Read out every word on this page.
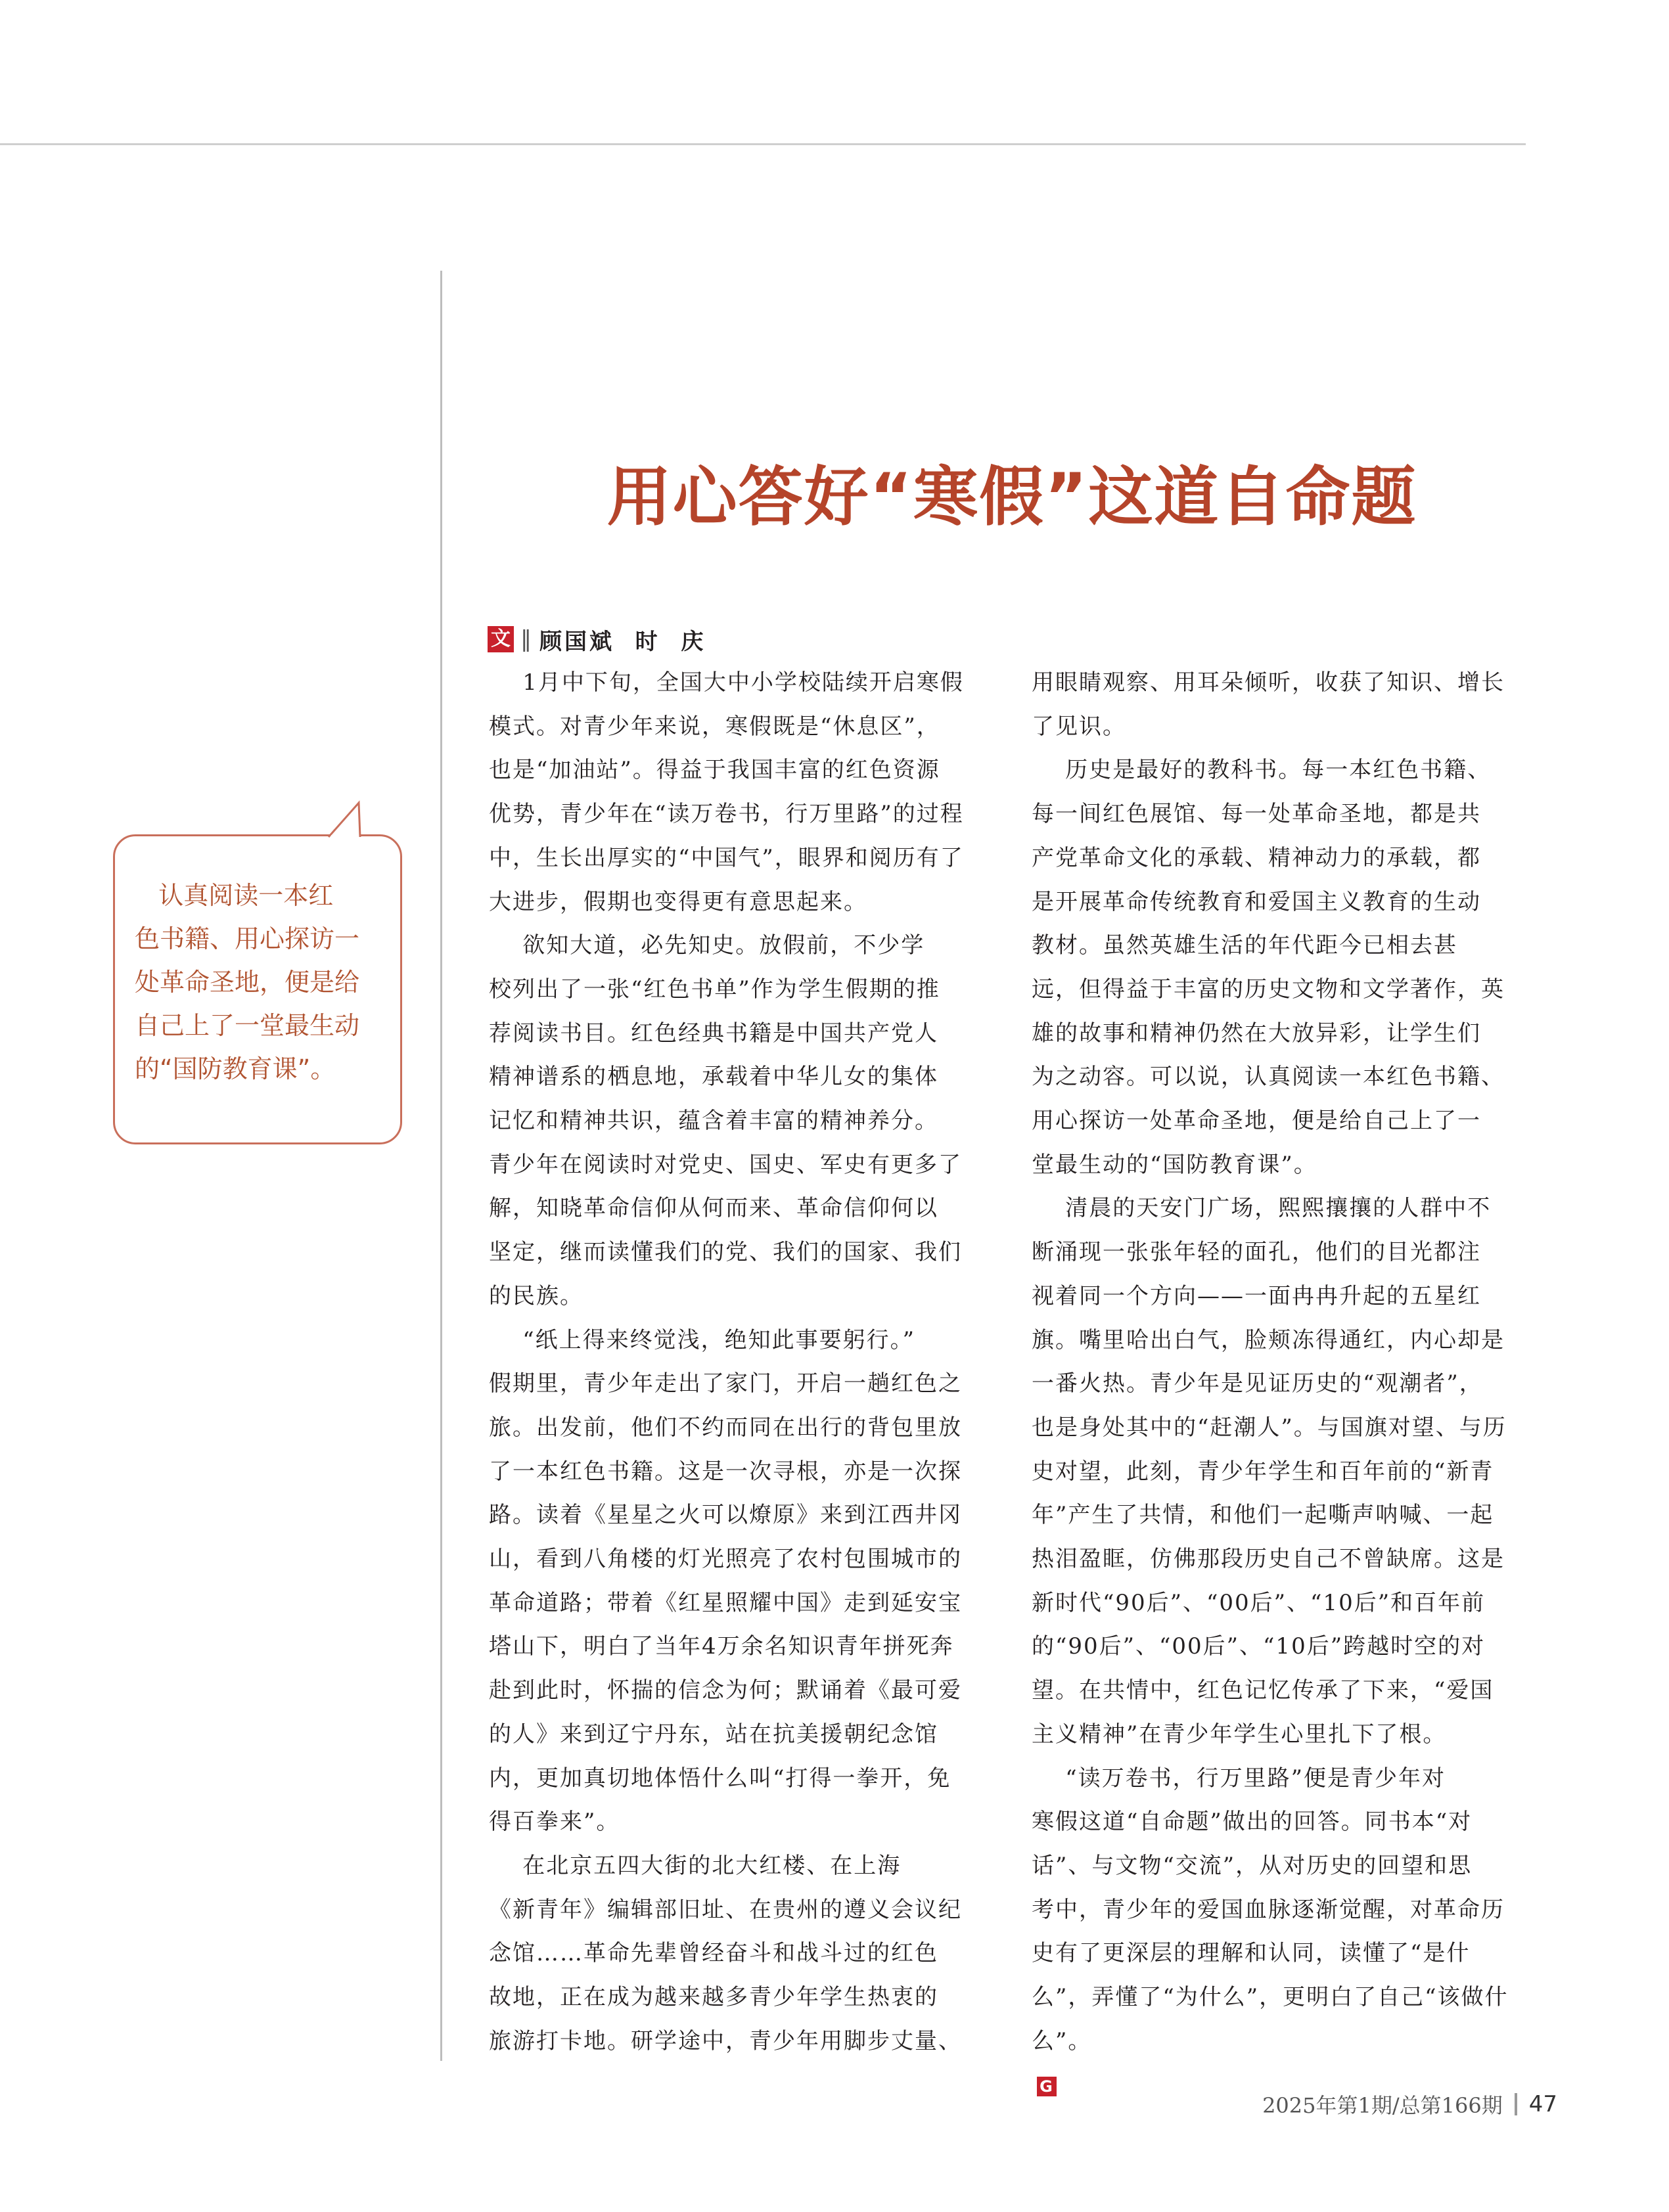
用心答好“寒假”这道自命题
文 ‖ 顾国斌  时  庆
认真阅读一本红
色书籍、用心探访一
处革命圣地，便是给
自己上了一堂最生动
的“国防教育课”。

1月中下旬，全国大中小学校陆续开启寒假
模式。对青少年来说，寒假既是“休息区”，
也是“加油站”。得益于我国丰富的红色资源
优势，青少年在“读万卷书，行万里路”的过程
中，生长出厚实的“中国气”，眼界和阅历有了
大进步，假期也变得更有意思起来。

欲知大道，必先知史。放假前，不少学
校列出了一张“红色书单”作为学生假期的推
荐阅读书目。红色经典书籍是中国共产党人
精神谱系的栖息地，承载着中华儿女的集体
记忆和精神共识，蕴含着丰富的精神养分。
青少年在阅读时对党史、国史、军史有更多了
解，知晓革命信仰从何而来、革命信仰何以
坚定，继而读懂我们的党、我们的国家、我们
的民族。

“纸上得来终觉浅，绝知此事要躬行。”
假期里，青少年走出了家门，开启一趟红色之
旅。出发前，他们不约而同在出行的背包里放
了一本红色书籍。这是一次寻根，亦是一次探
路。读着《星星之火可以燎原》来到江西井冈
山，看到八角楼的灯光照亮了农村包围城市的
革命道路；带着《红星照耀中国》走到延安宝
塔山下，明白了当年4万余名知识青年拼死奔
赴到此时，怀揣的信念为何；默诵着《最可爱
的人》来到辽宁丹东，站在抗美援朝纪念馆
内，更加真切地体悟什么叫“打得一拳开，免
得百拳来”。

在北京五四大街的北大红楼、在上海
《新青年》编辑部旧址、在贵州的遵义会议纪
念馆……革命先辈曾经奋斗和战斗过的红色
故地，正在成为越来越多青少年学生热衷的
旅游打卡地。研学途中，青少年用脚步丈量、

用眼睛观察、用耳朵倾听，收获了知识、增长
了见识。

历史是最好的教科书。每一本红色书籍、
每一间红色展馆、每一处革命圣地，都是共
产党革命文化的承载、精神动力的承载，都
是开展革命传统教育和爱国主义教育的生动
教材。虽然英雄生活的年代距今已相去甚
远，但得益于丰富的历史文物和文学著作，英
雄的故事和精神仍然在大放异彩，让学生们
为之动容。可以说，认真阅读一本红色书籍、
用心探访一处革命圣地，便是给自己上了一
堂最生动的“国防教育课”。

清晨的天安门广场，熙熙攘攘的人群中不
断涌现一张张年轻的面孔，他们的目光都注
视着同一个方向——一面冉冉升起的五星红
旗。嘴里哈出白气，脸颊冻得通红，内心却是
一番火热。青少年是见证历史的“观潮者”，
也是身处其中的“赶潮人”。与国旗对望、与历
史对望，此刻，青少年学生和百年前的“新青
年”产生了共情，和他们一起嘶声呐喊、一起
热泪盈眶，仿佛那段历史自己不曾缺席。这是
新时代“90后”、“00后”、“10后”和百年前
的“90后”、“00后”、“10后”跨越时空的对
望。在共情中，红色记忆传承了下来，“爱国
主义精神”在青少年学生心里扎下了根。

“读万卷书，行万里路”便是青少年对
寒假这道“自命题”做出的回答。同书本“对
话”、与文物“交流”，从对历史的回望和思
考中，青少年的爱国血脉逐渐觉醒，对革命历
史有了更深层的理解和认同，读懂了“是什
么”，弄懂了“为什么”，更明白了自己“该做什
么”。

G

2025年第1期/总第166期 47
